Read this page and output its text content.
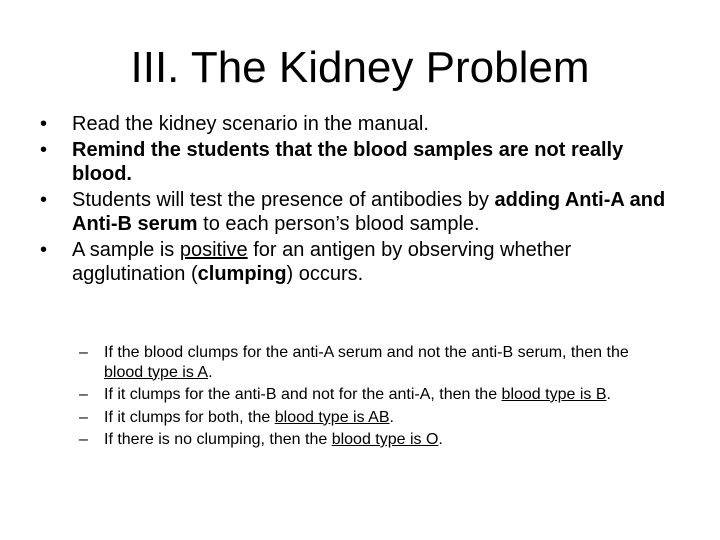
III. The Kidney Problem
•	Read the kidney scenario in the manual.
•	Remind the students that the blood samples are not really blood.
•	Students will test the presence of antibodies by adding Anti-A and Anti-B serum to each person’s blood sample.
•	A sample is positive for an antigen by observing whether agglutination (clumping) occurs.
– If the blood clumps for the anti-A serum and not the anti-B serum, then the blood type is A.
– If it clumps for the anti-B and not for the anti-A, then the blood type is B.
– If it clumps for both, the blood type is AB.
– If there is no clumping, then the blood type is O.
